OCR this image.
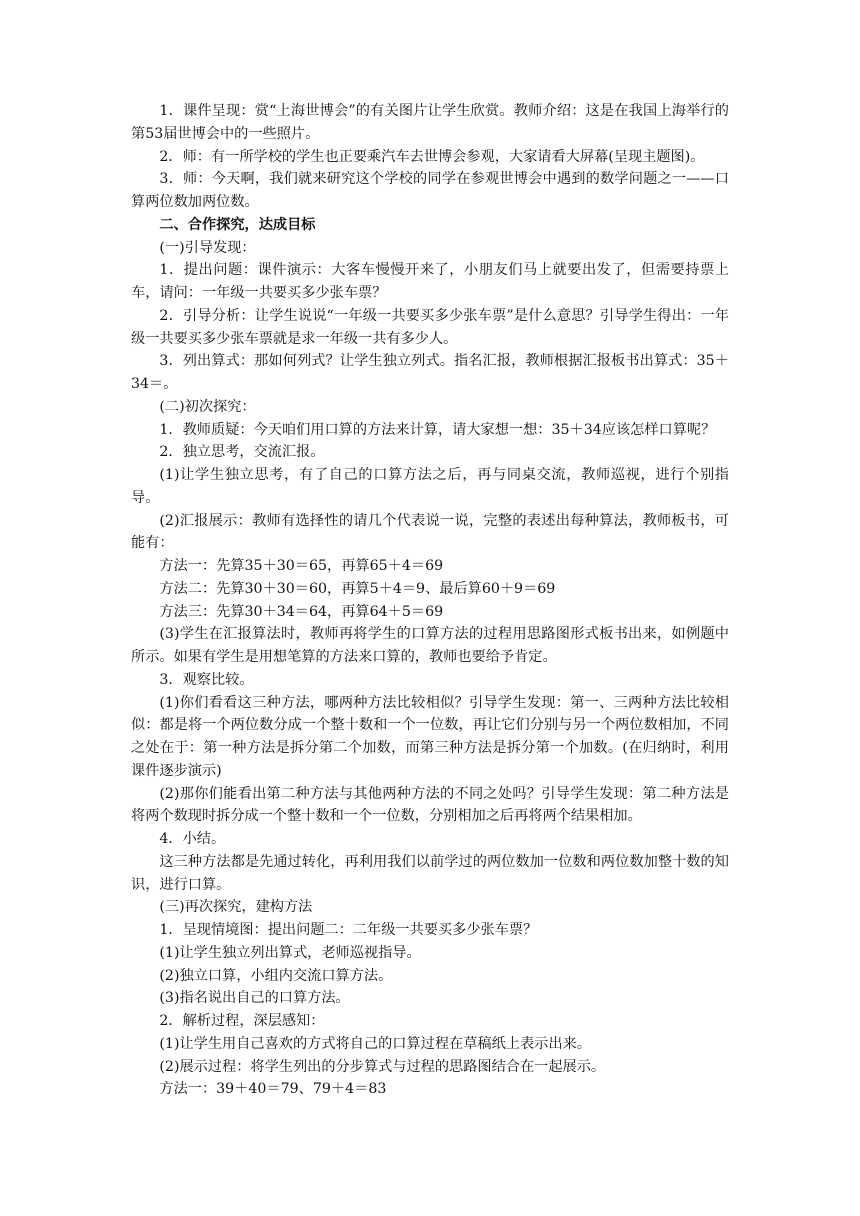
1．课件呈现：赏“上海世博会”的有关图片让学生欣赏。教师介绍：这是在我国上海举行的第53届世博会中的一些照片。

2．师：有一所学校的学生也正要乘汽车去世博会参观，大家请看大屏幕(呈现主题图)。

3．师：今天啊，我们就来研究这个学校的同学在参观世博会中遇到的数学问题之一——口算两位数加两位数。

二、合作探究，达成目标

(一)引导发现：

1．提出问题：课件演示：大客车慢慢开来了，小朋友们马上就要出发了，但需要持票上车，请问：一年级一共要买多少张车票？

2．引导分析：让学生说说“一年级一共要买多少张车票”是什么意思？引导学生得出：一年级一共要买多少张车票就是求一年级一共有多少人。

3．列出算式：那如何列式？让学生独立列式。指名汇报，教师根据汇报板书出算式：35＋34＝。

(二)初次探究：

1．教师质疑：今天咱们用口算的方法来计算，请大家想一想：35＋34应该怎样口算呢？

2．独立思考，交流汇报。

(1)让学生独立思考，有了自己的口算方法之后，再与同桌交流，教师巡视，进行个别指导。

(2)汇报展示：教师有选择性的请几个代表说一说，完整的表述出每种算法，教师板书，可能有：

方法一：先算35＋30＝65，再算65＋4＝69

方法二：先算30＋30＝60，再算5＋4＝9、最后算60＋9＝69

方法三：先算30＋34＝64，再算64＋5＝69

(3)学生在汇报算法时，教师再将学生的口算方法的过程用思路图形式板书出来，如例题中所示。如果有学生是用想笔算的方法来口算的，教师也要给予肯定。

3．观察比较。

(1)你们看看这三种方法，哪两种方法比较相似？引导学生发现：第一、三两种方法比较相似：都是将一个两位数分成一个整十数和一个一位数，再让它们分别与另一个两位数相加，不同之处在于：第一种方法是拆分第二个加数，而第三种方法是拆分第一个加数。(在归纳时，利用课件逐步演示)

(2)那你们能看出第二种方法与其他两种方法的不同之处吗？引导学生发现：第二种方法是将两个数现时拆分成一个整十数和一个一位数，分别相加之后再将两个结果相加。

4．小结。

这三种方法都是先通过转化，再利用我们以前学过的两位数加一位数和两位数加整十数的知识，进行口算。

(三)再次探究，建构方法

1．呈现情境图：提出问题二：二年级一共要买多少张车票？

(1)让学生独立列出算式，老师巡视指导。

(2)独立口算，小组内交流口算方法。

(3)指名说出自己的口算方法。

2．解析过程，深层感知：

(1)让学生用自己喜欢的方式将自己的口算过程在草稿纸上表示出来。

(2)展示过程：将学生列出的分步算式与过程的思路图结合在一起展示。

方法一：39＋40＝79、79＋4＝83
